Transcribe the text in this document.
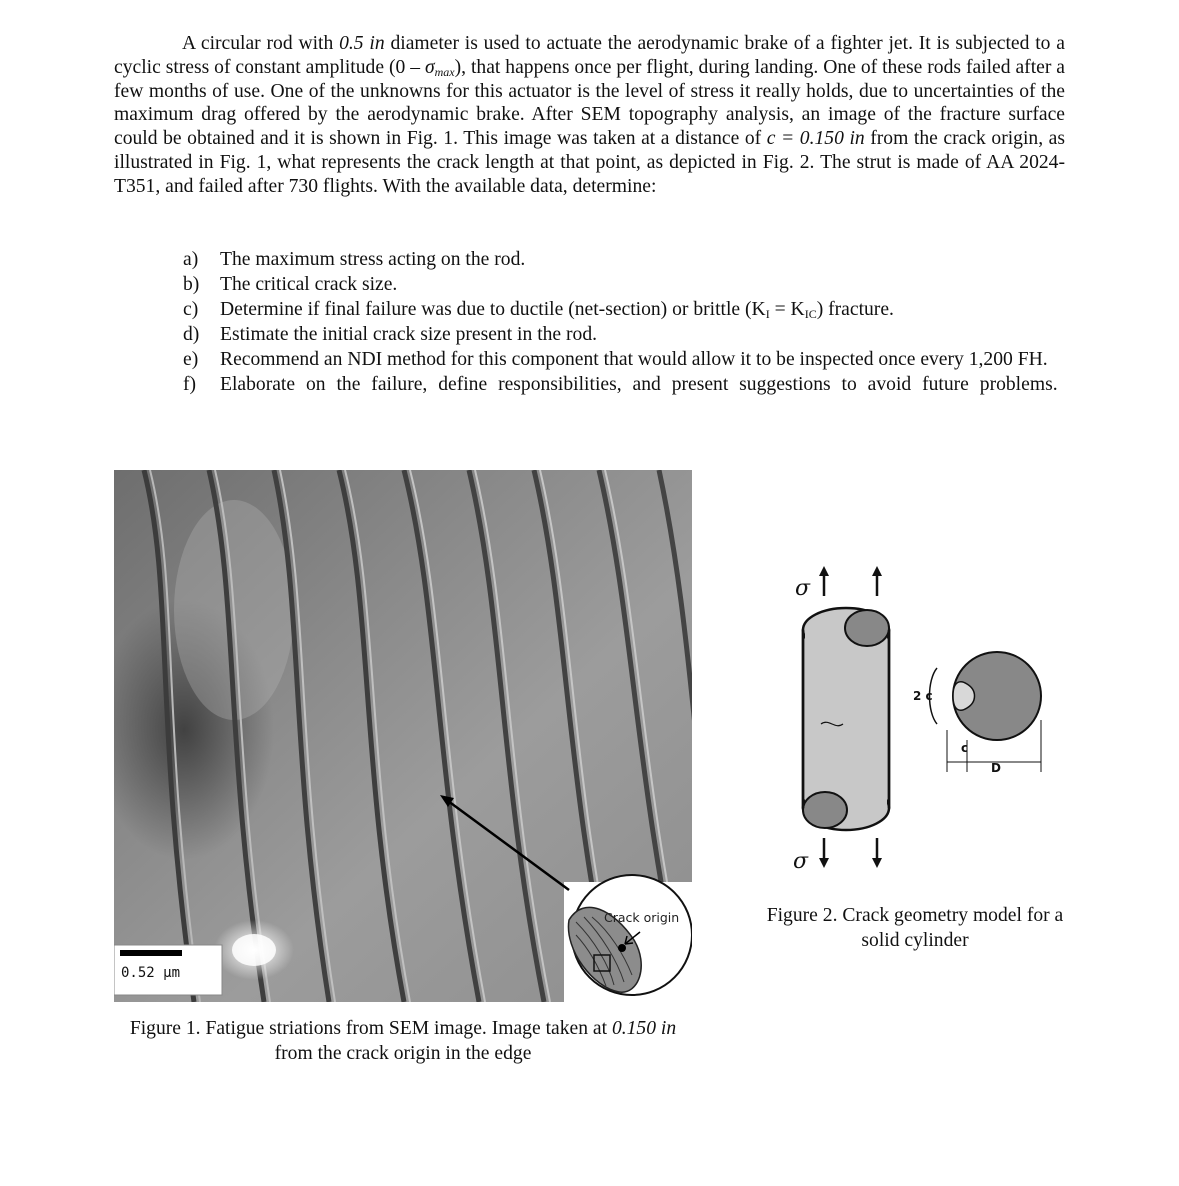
A circular rod with 0.5 in diameter is used to actuate the aerodynamic brake of a fighter jet. It is subjected to a cyclic stress of constant amplitude $(0 - \sigma_{max})$, that happens once per flight, during landing. One of these rods failed after a few months of use. One of the unknowns for this actuator is the level of stress it really holds, due to uncertainties of the maximum drag offered by the aerodynamic brake. After SEM topography analysis, an image of the fracture surface could be obtained and it is shown in Fig. 1. This image was taken at a distance of c = 0.150 in from the crack origin, as illustrated in Fig. 1, what represents the crack length at that point, as depicted in Fig. 2. The strut is made of AA 2024-T351, and failed after 730 flights. With the available data, determine:

a) The maximum stress acting on the rod.
b) The critical crack size.
c) Determine if final failure was due to ductile (net-section) or brittle $(K_I = K_{IC})$ fracture.
d) Estimate the initial crack size present in the rod.
e) Recommend an NDI method for this component that would allow it to be inspected once every 1,200 FH.
f) Elaborate on the failure, define responsibilities, and present suggestions to avoid future problems.
0.52 µm
Crack origin

Figure 1. Fatigue striations from SEM image. Image taken at 0.150 in from the crack origin in the edge

σ
σ
2 c
c
D

Figure 2. Crack geometry model for a solid cylinder
